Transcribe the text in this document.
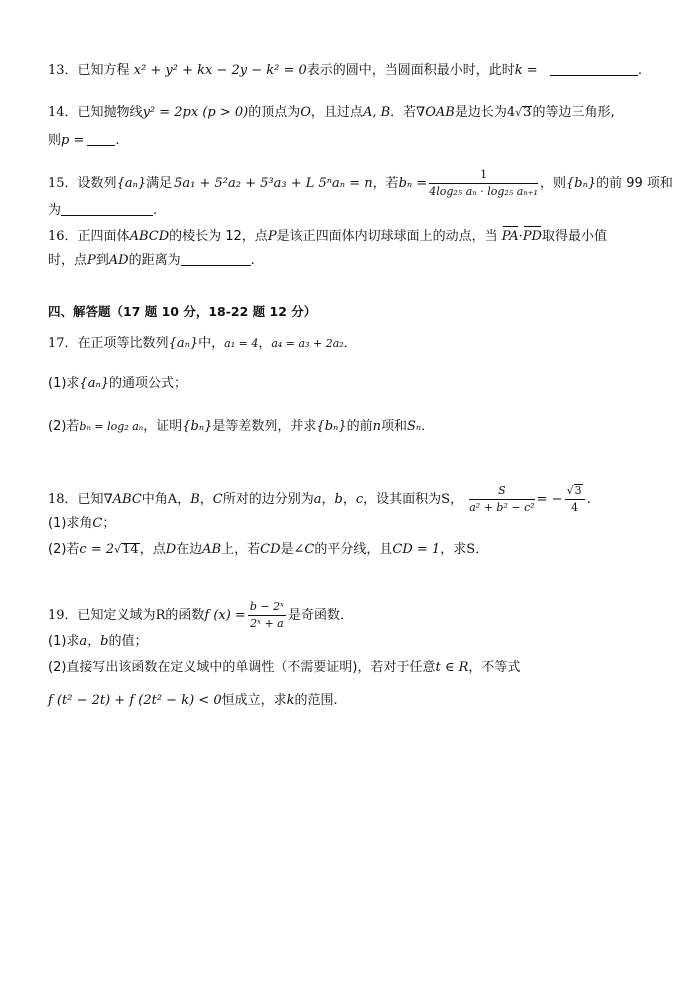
13．已知方程 x² + y² + kx − 2y − k² = 0表示的圆中，当圆面积最小时，此时k =	.
14．已知抛物线y² = 2px (p > 0)的顶点为O，且过点A, B．若∇OAB是边长为4√3的等边三角形,
则p = .
15．设数列{aₙ}满足 5a₁ + 5²a₂ + 5³a₃ + L 5ⁿaₙ = n，若$b_n = \frac{1}{\text{4log₂₅ aₙ · log₂₅ aₙ₊₁}}$ ，则{bₙ}的前 99 项和
为	.
16．正四面体ABCD的棱长为 12，点P是该正四面体内切球球面上的动点，当 PA·PD取得最小值
时，点P到AD的距离为	.
四、解答题（17 题 10 分，18-22 题 12 分）
17．在正项等比数列{aₙ}中，a₁ = 4，a₄ = a₃ + 2a₂．
(1)求{aₙ}的通项公式；
(2)若bₙ = log₂ aₙ，证明{bₙ}是等差数列，并求{bₙ}的前n项和Sₙ．
18．已知∇ABC中角A，B，C所对的边分别为a，b，c，设其面积为S， $\frac{S}{\text{a² + b² − c²}}$ = − $\frac{√3}{4}$ .
(1)求角C；
(2)若c = 2√14，点D在边AB上，若CD是∠C的平分线，且CD = 1，求S．
19．已知定义域为R的函数f $(x) = \frac{\text{b − 2ˣ}}{\text{2ˣ + a}}$ 是奇函数．
(1)求a，b的值；
(2)直接写出该函数在定义域中的单调性（不需要证明)，若对于任意t ∈ R，不等式
f (t² − 2t) + f (2t² − k) < 0恒成立，求k的范围.
